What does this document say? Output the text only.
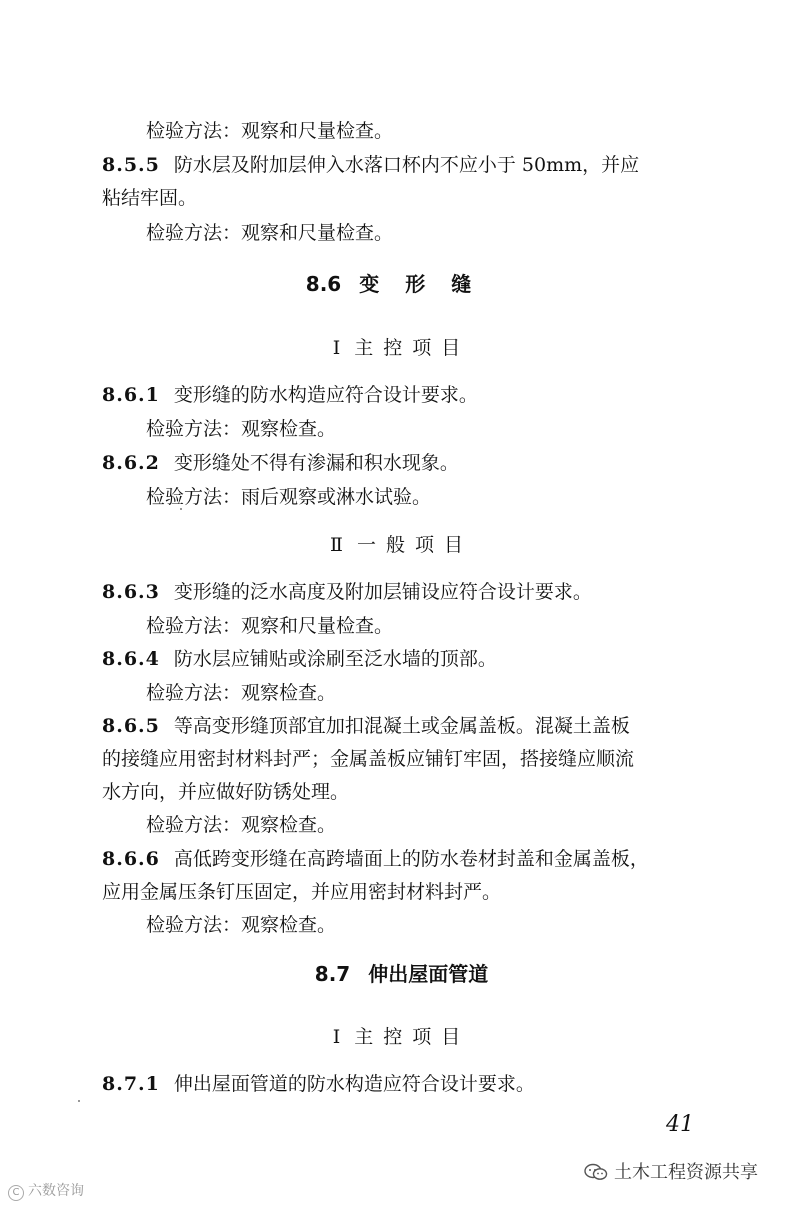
检验方法：观察和尺量检查。
8.5.5 防水层及附加层伸入水落口杯内不应小于 50mm，并应
粘结牢固。
检验方法：观察和尺量检查。
8.6 变形缝
Ⅰ 主控项目
8.6.1 变形缝的防水构造应符合设计要求。
检验方法：观察检查。
8.6.2 变形缝处不得有渗漏和积水现象。
检验方法：雨后观察或淋水试验。
Ⅱ 一般项目
8.6.3 变形缝的泛水高度及附加层铺设应符合设计要求。
检验方法：观察和尺量检查。
8.6.4 防水层应铺贴或涂刷至泛水墙的顶部。
检验方法：观察检查。
8.6.5 等高变形缝顶部宜加扣混凝土或金属盖板。混凝土盖板
的接缝应用密封材料封严；金属盖板应铺钉牢固，搭接缝应顺流
水方向，并应做好防锈处理。
检验方法：观察检查。
8.6.6 高低跨变形缝在高跨墙面上的防水卷材封盖和金属盖板，
应用金属压条钉压固定，并应用密封材料封严。
检验方法：观察检查。
8.7 伸出屋面管道
Ⅰ 主控项目
8.7.1 伸出屋面管道的防水构造应符合设计要求。
41
土木工程资源共享
C 六数咨询
